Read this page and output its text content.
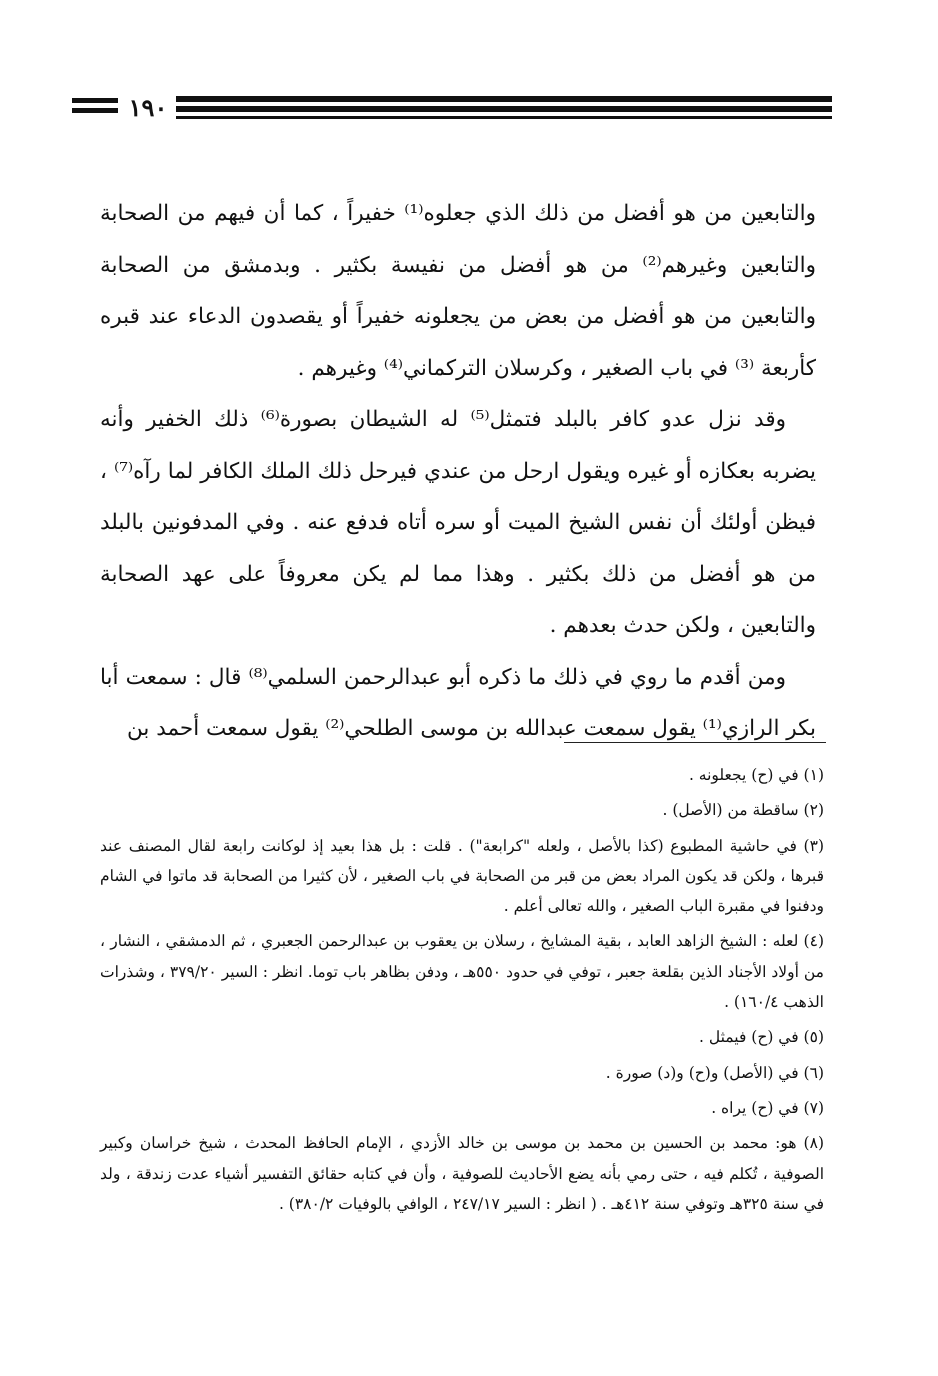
١٩٠

والتابعين من هو أفضل من ذلك الذي جعلوه⁽¹⁾ خفيراً ، كما أن فيهم من الصحابة والتابعين وغيرهم⁽²⁾ من هو أفضل من نفيسة بكثير . وبدمشق من الصحابة والتابعين من هو أفضل من بعض من يجعلونه خفيراً أو يقصدون الدعاء عند قبره كأربعة ⁽³⁾ في باب الصغير ، وكرسلان التركماني⁽⁴⁾ وغيرهم .

وقد نزل عدو كافر بالبلد فتمثل⁽⁵⁾ له الشيطان بصورة⁽⁶⁾ ذلك الخفير وأنه يضربه بعكازه أو غيره ويقول ارحل من عندي فيرحل ذلك الملك الكافر لما رآه⁽⁷⁾ ، فيظن أولئك أن نفس الشيخ الميت أو سره أتاه فدفع عنه . وفي المدفونين بالبلد من هو أفضل من ذلك بكثير . وهذا مما لم يكن معروفاً على عهد الصحابة والتابعين ، ولكن حدث بعدهم .

ومن أقدم ما روي في ذلك ما ذكره أبو عبدالرحمن السلمي⁽⁸⁾ قال : سمعت أبا بكر الرازي⁽¹⁾ يقول سمعت عبدالله بن موسى الطلحي⁽²⁾ يقول سمعت أحمد بن

(١) في (ح) يجعلونه .

(٢) ساقطة من (الأصل) .

(٣) في حاشية المطبوع (كذا بالأصل ، ولعله "كرابعة") . قلت : بل هذا بعيد إذ لوكانت رابعة لقال المصنف عند قبرها ، ولكن قد يكون المراد بعض من قبر من الصحابة في باب الصغير ، لأن كثيرا من الصحابة قد ماتوا في الشام ودفنوا في مقبرة الباب الصغير ، والله تعالى أعلم .

(٤) لعله : الشيخ الزاهد العابد ، بقية المشايخ ، رسلان بن يعقوب بن عبدالرحمن الجعبري ، ثم الدمشقي ، النشار ، من أولاد الأجناد الذين بقلعة جعبر ، توفي في حدود ٥٥٠هـ ، ودفن بظاهر باب توما. انظر : السير ٣٧٩/٢٠ ، وشذرات الذهب ١٦٠/٤) .

(٥) في (ح) فيمثل .

(٦) في (الأصل) و(ح) و(د) صورة .

(٧) في (ح) يراه .

(٨) هو: محمد بن الحسين بن محمد بن موسى بن خالد الأزدي ، الإمام الحافظ المحدث ، شيخ خراسان وكبير الصوفية ، تُكلم فيه ، حتى رمي بأنه يضع الأحاديث للصوفية ، وأن في كتابه حقائق التفسير أشياء عدت زندقة ، ولد في سنة ٣٢٥هـ وتوفي سنة ٤١٢هـ . ( انظر : السير ٢٤٧/١٧ ، الوافي بالوفيات ٣٨٠/٢) .
